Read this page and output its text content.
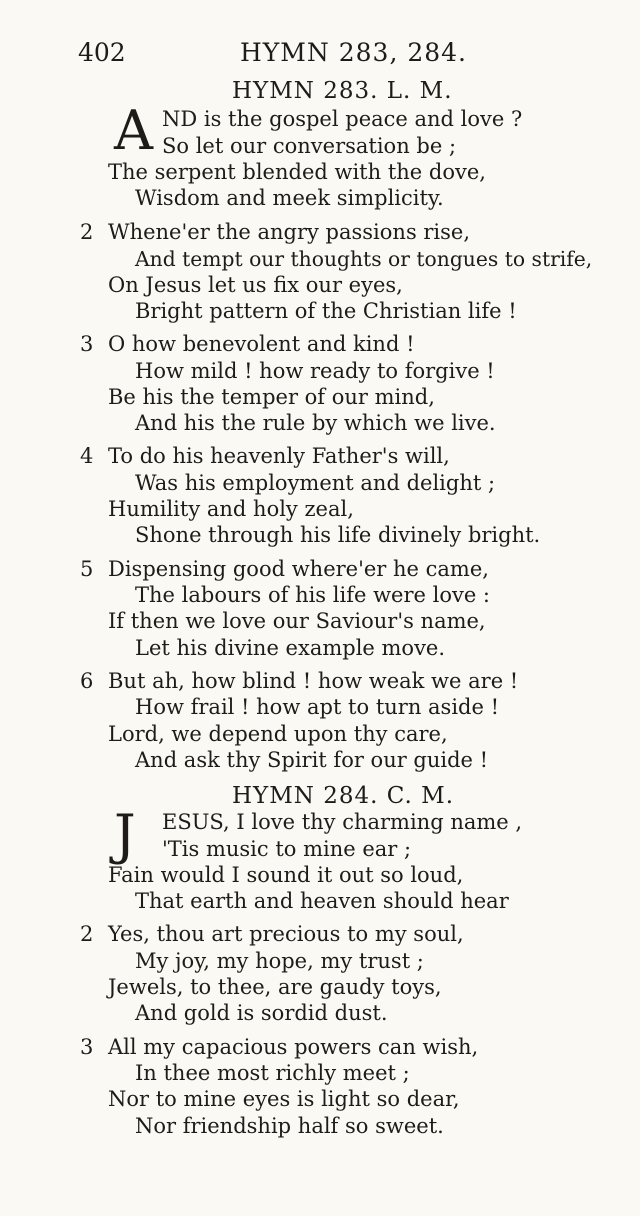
402	HYMN 283, 284.
HYMN 283. L. M.
A ND is the gospel peace and love ?
So let our conversation be ;
The serpent blended with the dove,
Wisdom and meek simplicity.
2 Whene'er the angry passions rise,
And tempt our thoughts or tongues to strife,
On Jesus let us fix our eyes,
Bright pattern of the Christian life !
3 O how benevolent and kind !
How mild ! how ready to forgive !
Be his the temper of our mind,
And his the rule by which we live.
4 To do his heavenly Father's will,
Was his employment and delight ;
Humility and holy zeal,
Shone through his life divinely bright.
5 Dispensing good where'er he came,
The labours of his life were love :
If then we love our Saviour's name,
Let his divine example move.
6 But ah, how blind ! how weak we are !
How frail ! how apt to turn aside !
Lord, we depend upon thy care,
And ask thy Spirit for our guide !
HYMN 284. C. M.
J ESUS, I love thy charming name ,
'Tis music to mine ear ;
Fain would I sound it out so loud,
That earth and heaven should hear
2 Yes, thou art precious to my soul,
My joy, my hope, my trust ;
Jewels, to thee, are gaudy toys,
And gold is sordid dust.
3 All my capacious powers can wish,
In thee most richly meet ;
Nor to mine eyes is light so dear,
Nor friendship half so sweet.
